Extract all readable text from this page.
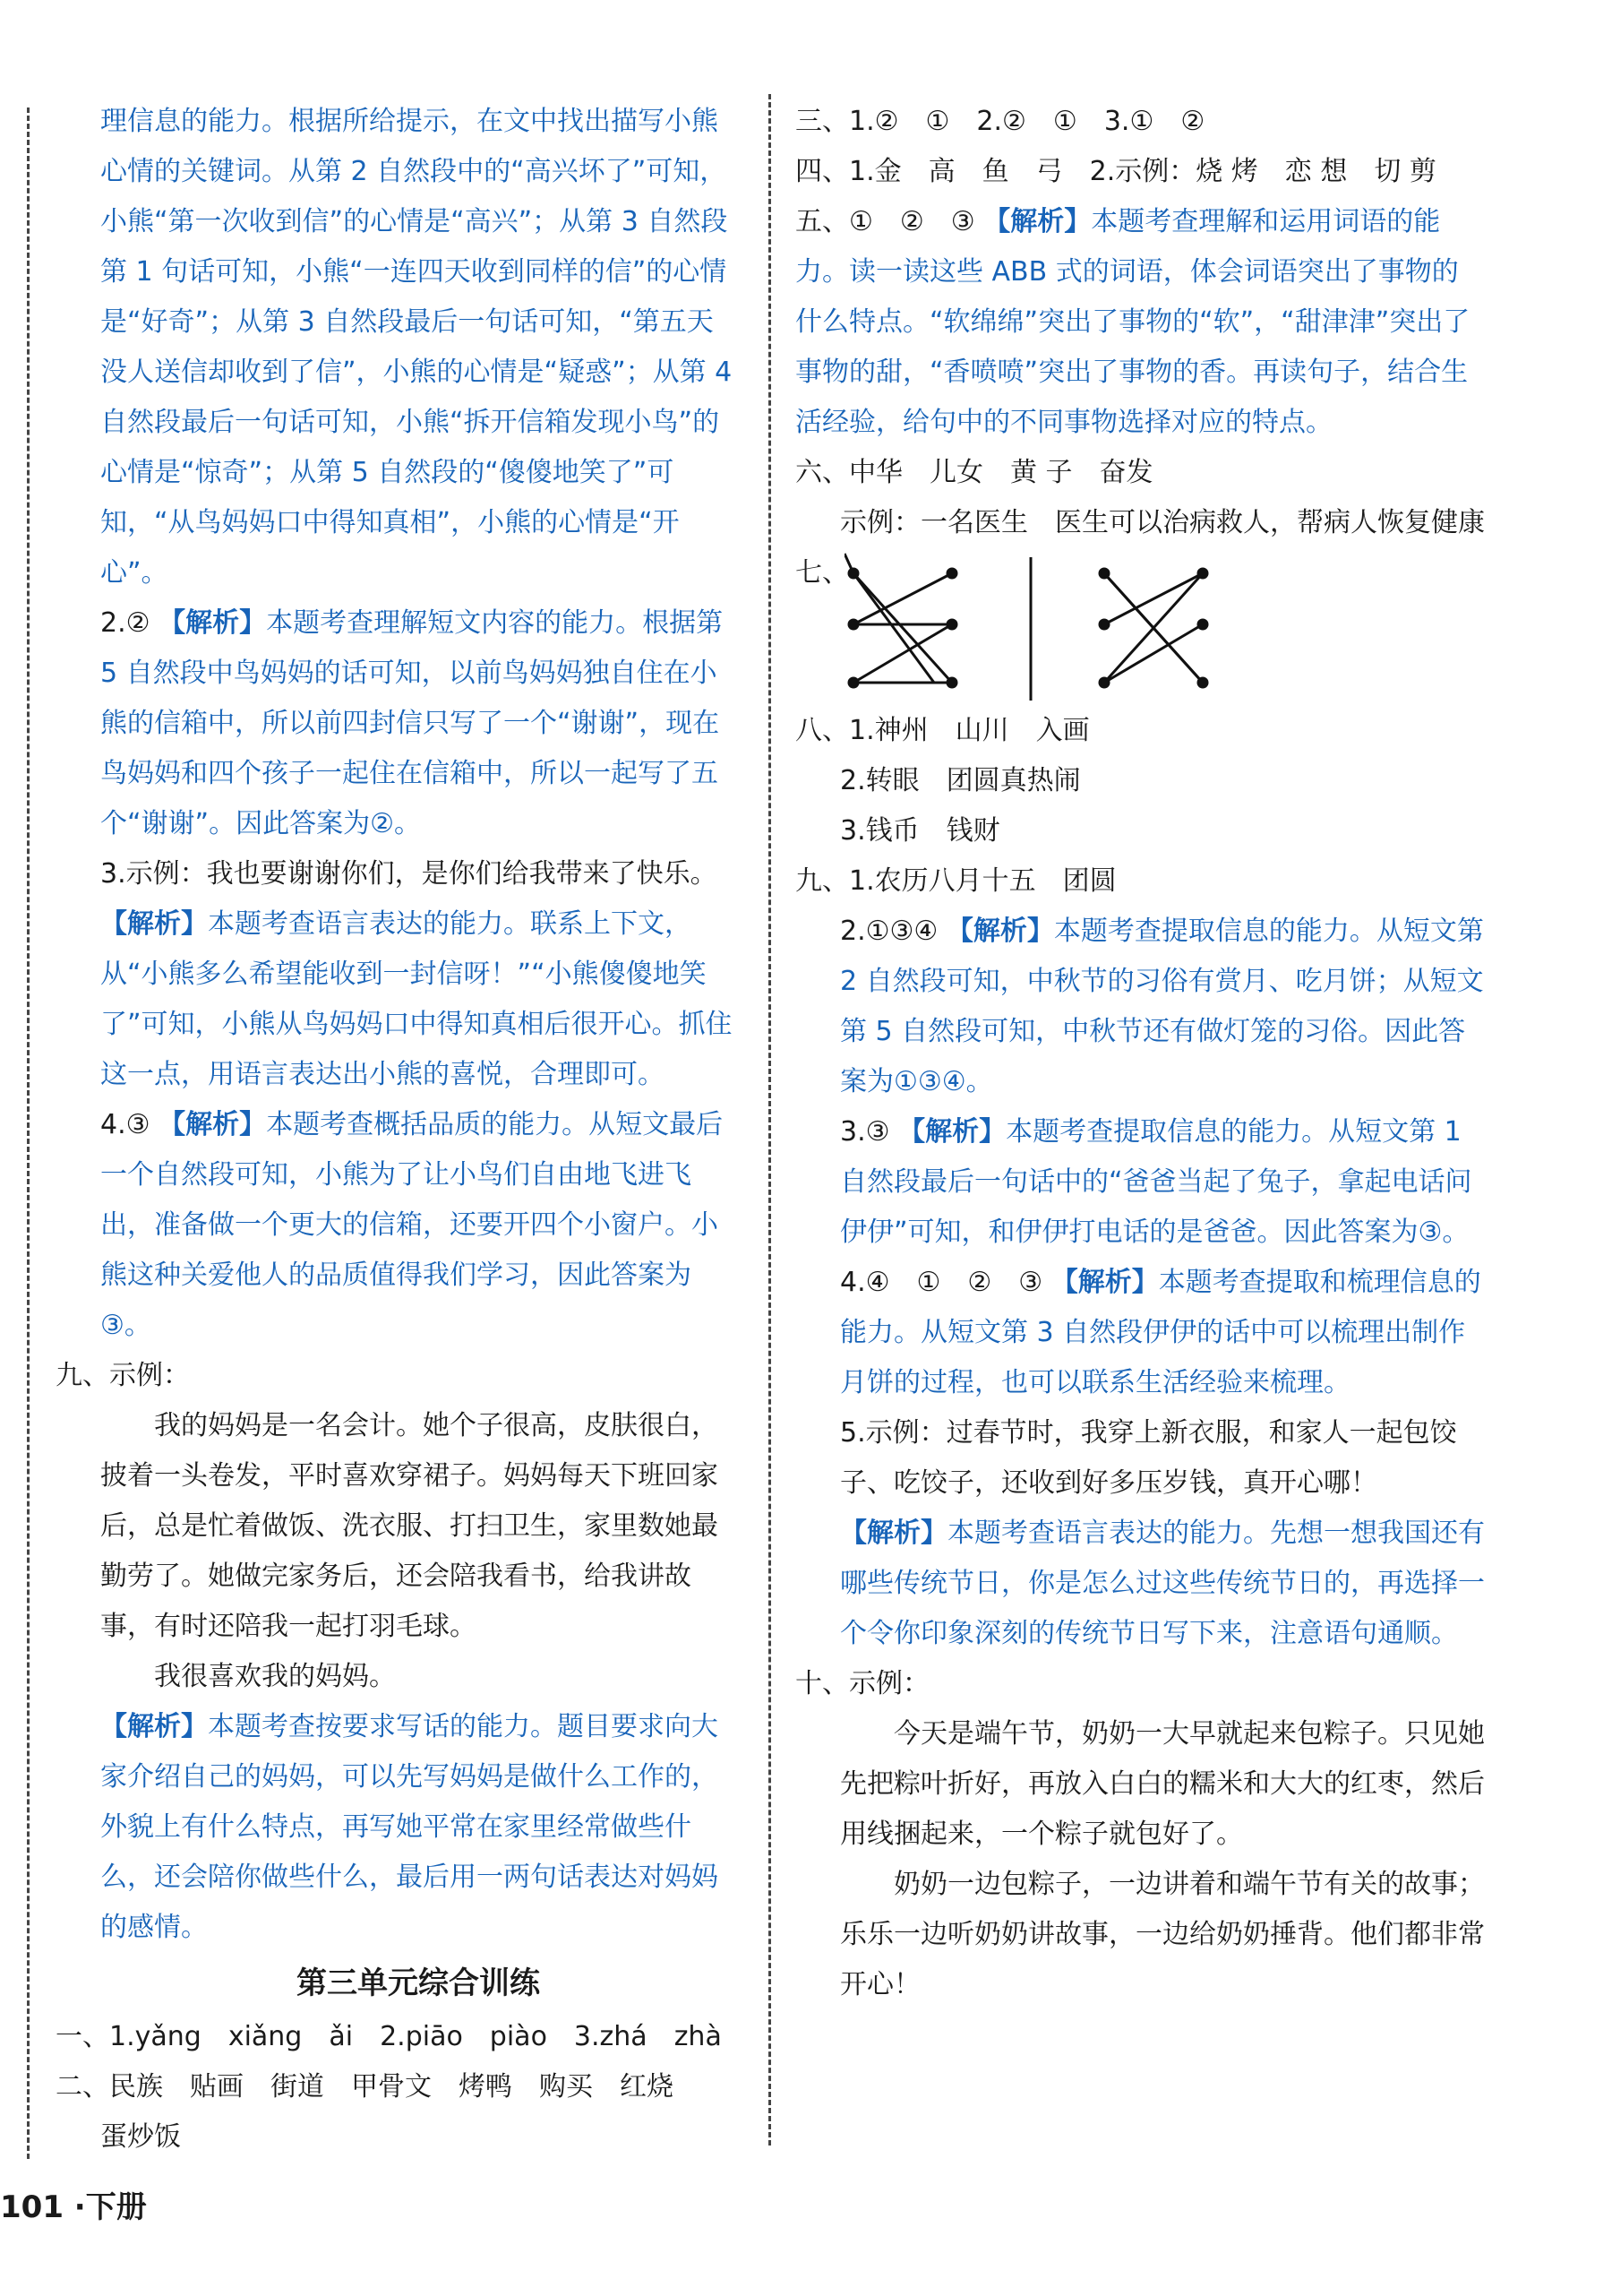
理信息的能力。根据所给提示，在文中找出描写小熊心情的关键词。从第 2 自然段中的“高兴坏了”可知，小熊“第一次收到信”的心情是“高兴”；从第 3 自然段第 1 句话可知，小熊“一连四天收到同样的信”的心情是“好奇”；从第 3 自然段最后一句话可知，“第五天没人送信却收到了信”，小熊的心情是“疑惑”；从第 4 自然段最后一句话可知，小熊“拆开信箱发现小鸟”的心情是“惊奇”；从第 5 自然段的“傻傻地笑了”可知，“从鸟妈妈口中得知真相”，小熊的心情是“开心”。

2.② 【解析】本题考查理解短文内容的能力。根据第 5 自然段中鸟妈妈的话可知，以前鸟妈妈独自住在小熊的信箱中，所以前四封信只写了一个“谢谢”，现在鸟妈妈和四个孩子一起住在信箱中，所以一起写了五个“谢谢”。因此答案为②。

3.示例：我也要谢谢你们，是你们给我带来了快乐。

【解析】本题考查语言表达的能力。联系上下文，从“小熊多么希望能收到一封信呀！”“小熊傻傻地笑了”可知，小熊从鸟妈妈口中得知真相后很开心。抓住这一点，用语言表达出小熊的喜悦，合理即可。

4.③ 【解析】本题考查概括品质的能力。从短文最后一个自然段可知，小熊为了让小鸟们自由地飞进飞出，准备做一个更大的信箱，还要开四个小窗户。小熊这种关爱他人的品质值得我们学习，因此答案为③。

九、示例：

我的妈妈是一名会计。她个子很高，皮肤很白，披着一头卷发，平时喜欢穿裙子。妈妈每天下班回家后，总是忙着做饭、洗衣服、打扫卫生，家里数她最勤劳了。她做完家务后，还会陪我看书，给我讲故事，有时还陪我一起打羽毛球。

我很喜欢我的妈妈。

【解析】本题考查按要求写话的能力。题目要求向大家介绍自己的妈妈，可以先写妈妈是做什么工作的，外貌上有什么特点，再写她平常在家里经常做些什么，还会陪你做些什么，最后用一两句话表达对妈妈的感情。

第三单元综合训练

一、1.yǎng　xiǎng　ǎi　2.piāo　piào　3.zhá　zhà

二、民族　贴画　街道　甲骨文　烤鸭　购买　红烧

蛋炒饭

三、1.②　①　2.②　①　3.①　②

四、1.金　高　鱼　弓　2.示例：烧 烤　恋 想　切 剪

五、①　②　③ 【解析】本题考查理解和运用词语的能力。读一读这些 ABB 式的词语，体会词语突出了事物的什么特点。“软绵绵”突出了事物的“软”，“甜津津”突出了事物的甜，“香喷喷”突出了事物的香。再读句子，结合生活经验，给句中的不同事物选择对应的特点。

六、中华　儿女　黄 子　奋发

示例：一名医生　医生可以治病救人，帮病人恢复健康

七、

八、1.神州　山川　入画

2.转眼　团圆真热闹

3.钱币　钱财

九、1.农历八月十五　团圆

2.①③④ 【解析】本题考查提取信息的能力。从短文第 2 自然段可知，中秋节的习俗有赏月、吃月饼；从短文第 5 自然段可知，中秋节还有做灯笼的习俗。因此答案为①③④。

3.③ 【解析】本题考查提取信息的能力。从短文第 1 自然段最后一句话中的“爸爸当起了兔子，拿起电话问伊伊”可知，和伊伊打电话的是爸爸。因此答案为③。

4.④　①　②　③ 【解析】本题考查提取和梳理信息的能力。从短文第 3 自然段伊伊的话中可以梳理出制作月饼的过程，也可以联系生活经验来梳理。

5.示例：过春节时，我穿上新衣服，和家人一起包饺子、吃饺子，还收到好多压岁钱，真开心哪！

【解析】本题考查语言表达的能力。先想一想我国还有哪些传统节日，你是怎么过这些传统节日的，再选择一个令你印象深刻的传统节日写下来，注意语句通顺。

十、示例：

今天是端午节，奶奶一大早就起来包粽子。只见她先把粽叶折好，再放入白白的糯米和大大的红枣，然后用线捆起来，一个粽子就包好了。

奶奶一边包粽子，一边讲着和端午节有关的故事；乐乐一边听奶奶讲故事，一边给奶奶捶背。他们都非常开心！

101 ·下册
